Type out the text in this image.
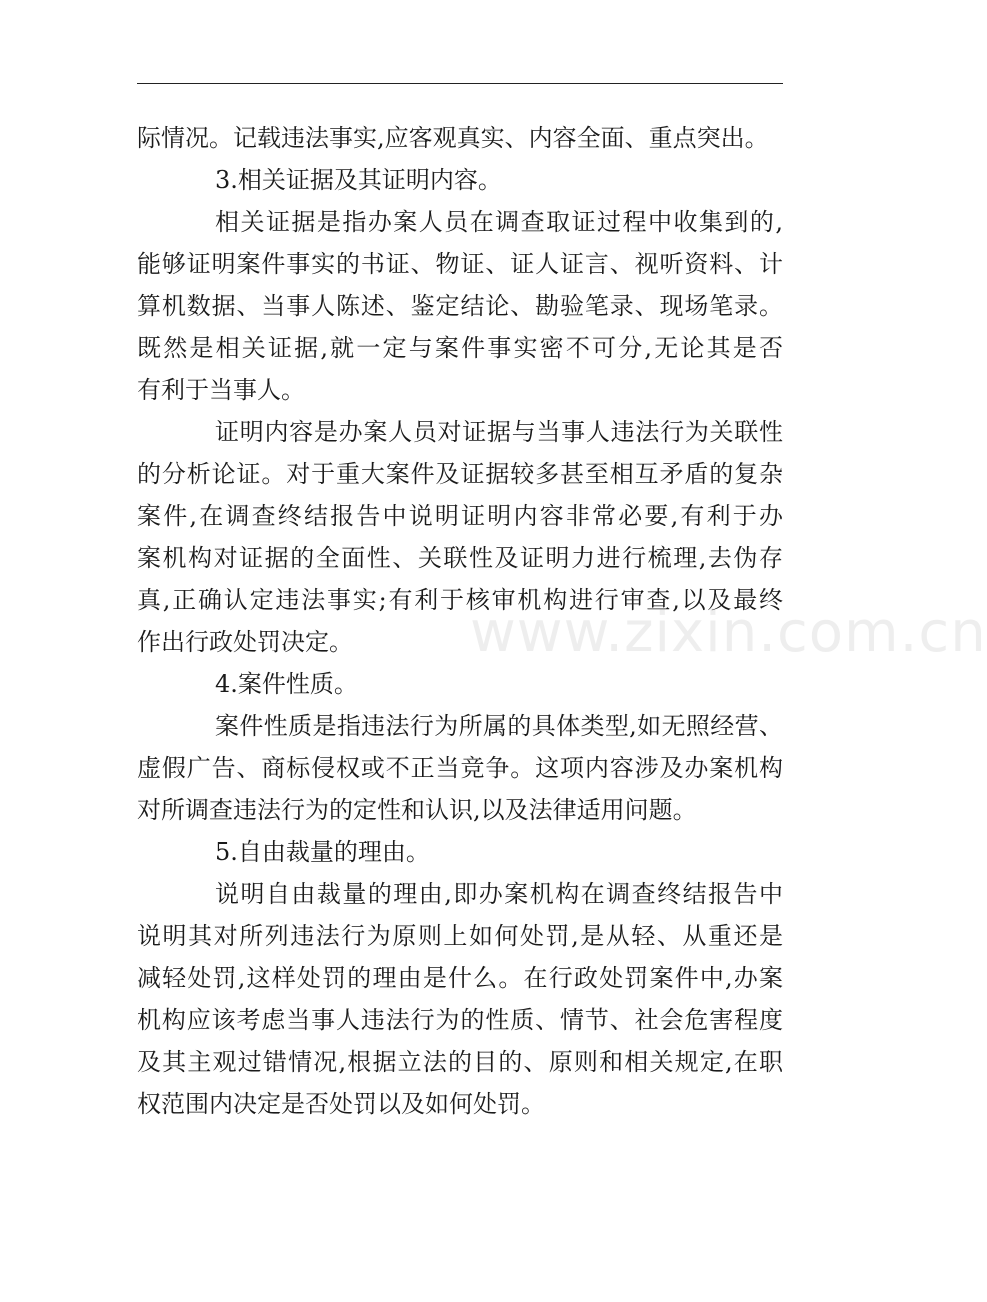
www.zixin.com.cn
际情况。记载违法事实,应客观真实、内容全面、重点突出。
3.相关证据及其证明内容。
相关证据是指办案人员在调查取证过程中收集到的,
能够证明案件事实的书证、物证、证人证言、视听资料、计
算机数据、当事人陈述、鉴定结论、勘验笔录、现场笔录。
既然是相关证据,就一定与案件事实密不可分,无论其是否
有利于当事人。
证明内容是办案人员对证据与当事人违法行为关联性
的分析论证。对于重大案件及证据较多甚至相互矛盾的复杂
案件,在调查终结报告中说明证明内容非常必要,有利于办
案机构对证据的全面性、关联性及证明力进行梳理,去伪存
真,正确认定违法事实;有利于核审机构进行审查,以及最终
作出行政处罚决定。
4.案件性质。
案件性质是指违法行为所属的具体类型,如无照经营、
虚假广告、商标侵权或不正当竞争。这项内容涉及办案机构
对所调查违法行为的定性和认识,以及法律适用问题。
5.自由裁量的理由。
说明自由裁量的理由,即办案机构在调查终结报告中
说明其对所列违法行为原则上如何处罚,是从轻、从重还是
减轻处罚,这样处罚的理由是什么。在行政处罚案件中,办案
机构应该考虑当事人违法行为的性质、情节、社会危害程度
及其主观过错情况,根据立法的目的、原则和相关规定,在职
权范围内决定是否处罚以及如何处罚。
